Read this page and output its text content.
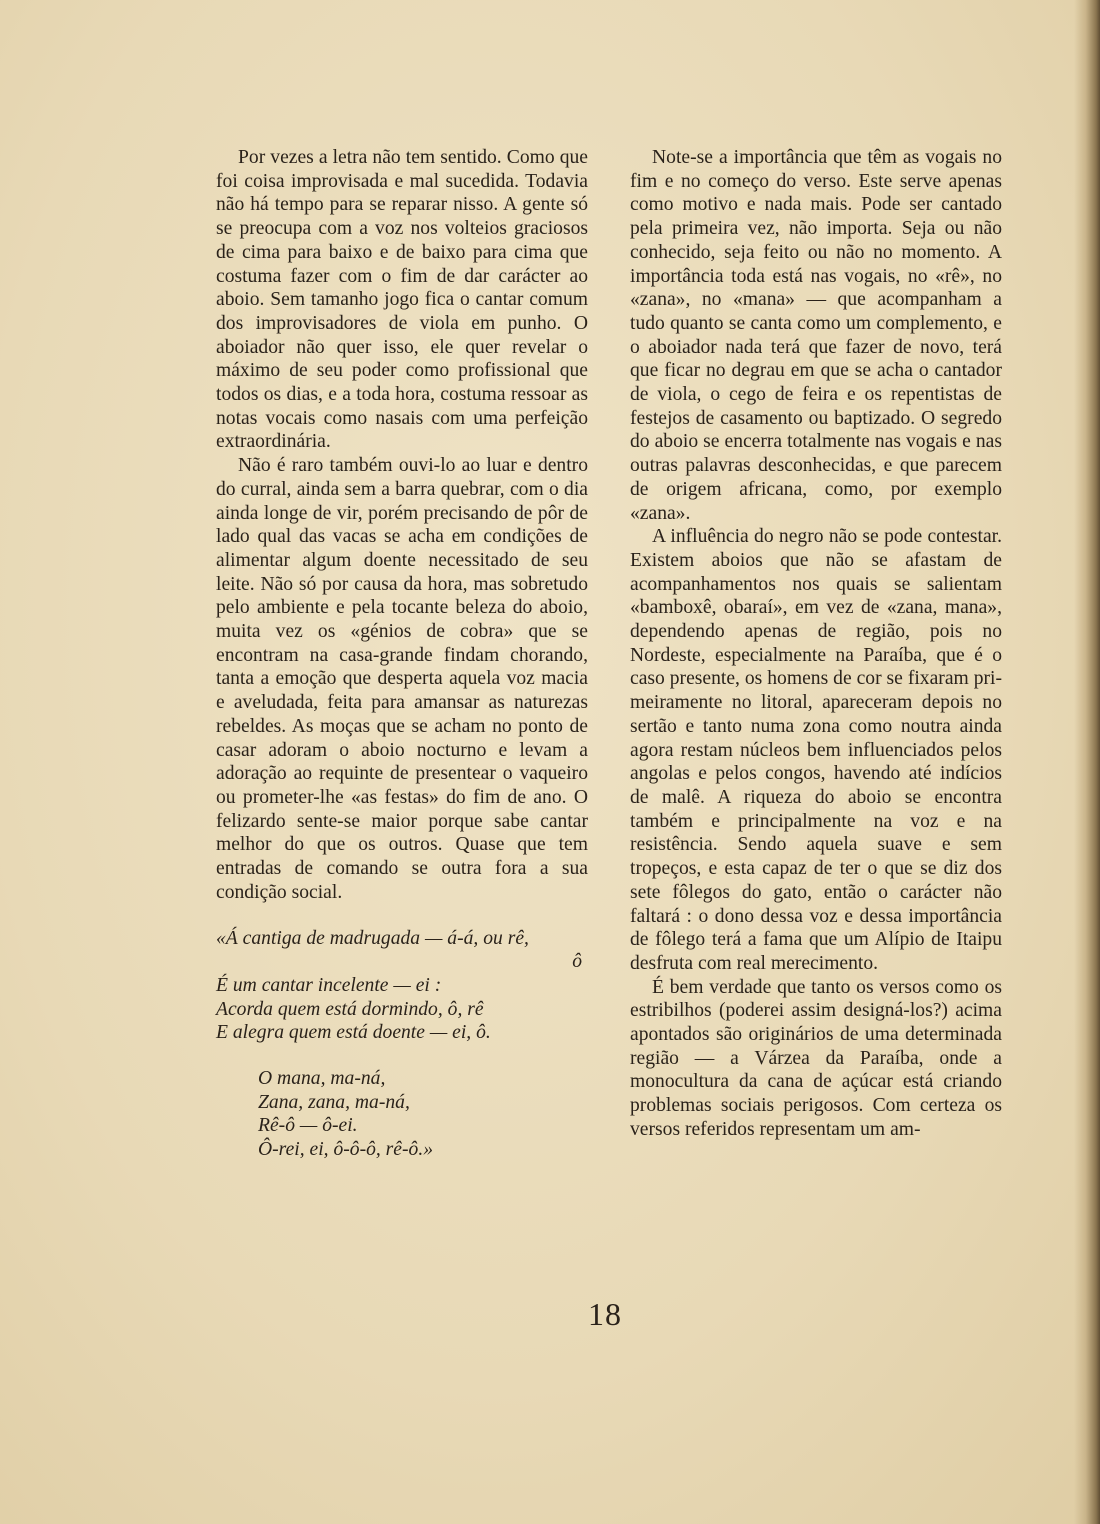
Por vezes a letra não tem sentido. Como que foi coisa improvisada e mal sucedida. Todavia não há tempo para se reparar nisso. A gente só se preocupa com a voz nos volteios graciosos de cima para baixo e de baixo para cima que costuma fazer com o fim de dar carácter ao aboio. Sem tamanho jogo fica o cantar comum dos improvisadores de viola em punho. O aboiador não quer isso, ele quer revelar o máximo de seu poder como profissional que todos os dias, e a toda hora, costuma ressoar as notas vocais como nasais com uma perfeição extraordinária.

Não é raro também ouvi-lo ao luar e dentro do curral, ainda sem a barra quebrar, com o dia ainda longe de vir, porém precisando de pôr de lado qual das vacas se acha em condições de alimentar algum doente necessitado de seu leite. Não só por causa da hora, mas sobretudo pelo ambiente e pela tocante beleza do aboio, muita vez os «génios de cobra» que se encontram na casa-grande findam chorando, tanta a emoção que desperta aquela voz macia e aveludada, feita para amansar as naturezas rebeldes. As moças que se acham no ponto de casar adoram o aboio nocturno e levam a adoração ao requinte de presentear o vaqueiro ou prometer-lhe «as festas» do fim de ano. O felizardo sente-se maior porque sabe cantar melhor do que os outros. Quase que tem entradas de comando se outra fora a sua condição social.

«Á cantiga de madrugada — á-á, ou rê,
ô
É um cantar incelente — ei :
Acorda quem está dormindo, ô, rê
E alegra quem está doente — ei, ô.
O mana, ma-ná,
Zana, zana, ma-ná,
Rê-ô — ô-ei.
Ô-rei, ei, ô-ô-ô, rê-ô.»

Note-se a importância que têm as vogais no fim e no começo do verso. Este serve apenas como motivo e nada mais. Pode ser cantado pela primeira vez, não importa. Seja ou não conhecido, seja feito ou não no momento. A importância toda está nas vogais, no «rê», no «zana», no «mana» — que acompanham a tudo quanto se canta como um complemento, e o aboiador nada terá que fazer de novo, terá que ficar no degrau em que se acha o cantador de viola, o cego de feira e os repentistas de festejos de casamento ou baptizado. O segredo do aboio se encerra totalmente nas vogais e nas outras palavras desconhecidas, e que parecem de origem africana, como, por exemplo «zana».

A influência do negro não se pode contestar. Existem aboios que não se afastam de acompanhamentos nos quais se salientam «bamboxê, obaraí», em vez de «zana, mana», dependendo apenas de região, pois no Nordeste, especialmente na Paraíba, que é o caso presente, os homens de cor se fixaram primeiramente no litoral, apareceram depois no sertão e tanto numa zona como noutra ainda agora restam núcleos bem influenciados pelos angolas e pelos congos, havendo até indícios de malê. A riqueza do aboio se encontra também e principalmente na voz e na resistência. Sendo aquela suave e sem tropeços, e esta capaz de ter o que se diz dos sete fôlegos do gato, então o carácter não faltará : o dono dessa voz e dessa importância de fôlego terá a fama que um Alípio de Itaipu desfruta com real merecimento.

É bem verdade que tanto os versos como os estribilhos (poderei assim designá-los?) acima apontados são originários de uma determinada região — a Várzea da Paraíba, onde a monocultura da cana de açúcar está criando problemas sociais perigosos. Com certeza os versos referidos representam um am-

18
